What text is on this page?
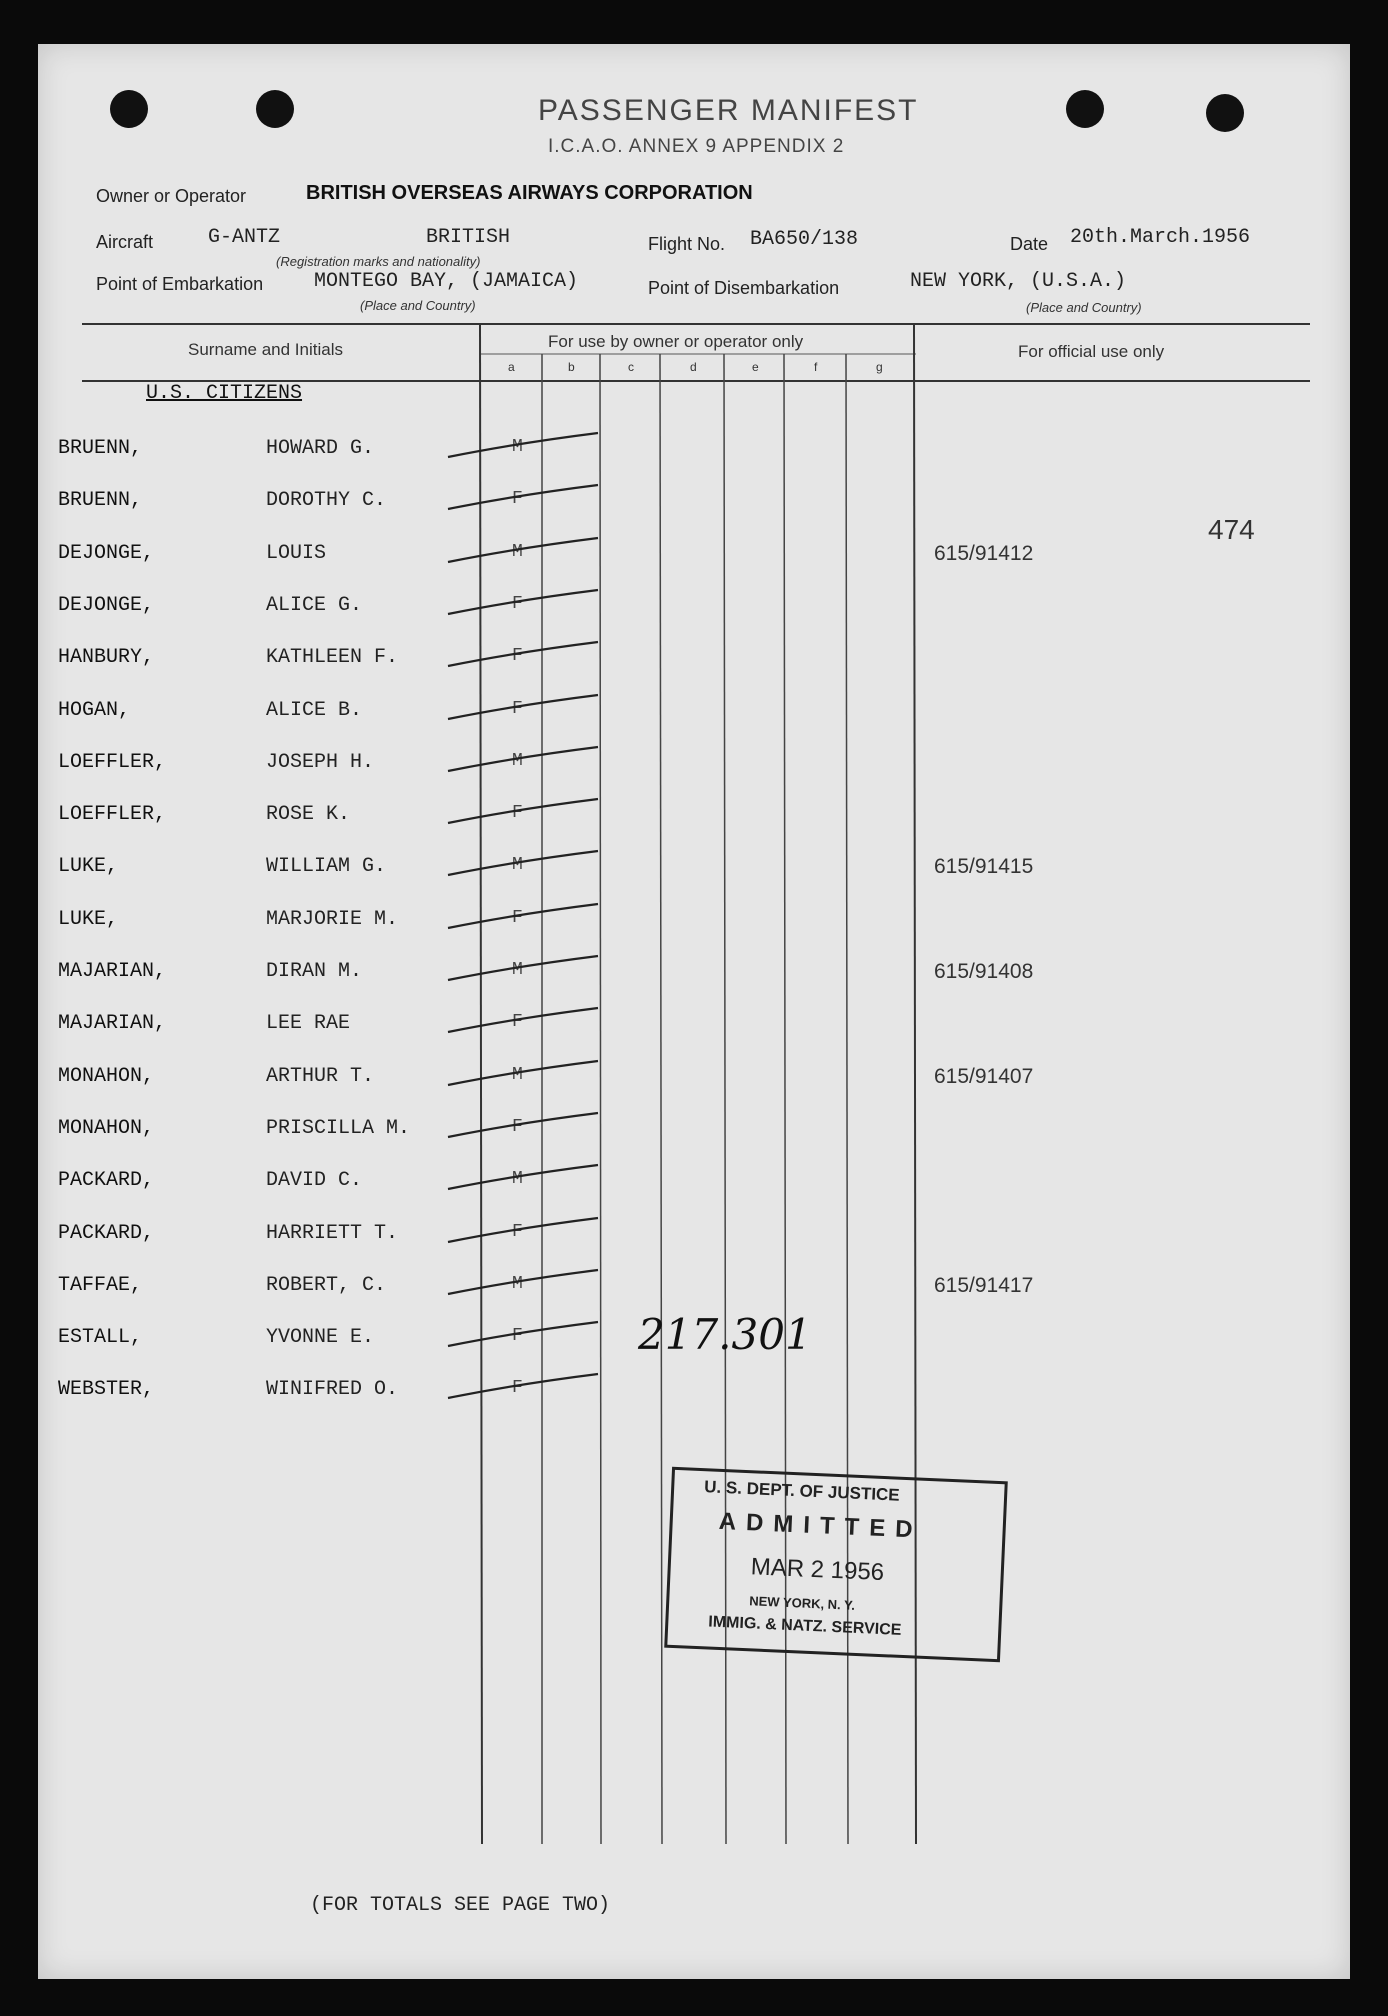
PASSENGER MANIFEST
I.C.A.O. ANNEX 9 APPENDIX 2
Owner or Operator	BRITISH OVERSEAS AIRWAYS CORPORATION
Aircraft	G-ANTZ	BRITISH
(Registration marks and nationality)
Flight No. BA650/138	Date 20th.March.1956
Point of Embarkation	MONTEGO BAY, (JAMAICA)
(Place and Country)
Point of Disembarkation	NEW YORK, (U.S.A.)
(Place and Country)
Surname and Initials	For use by owner or operator only
For official use only
a	b	c	d	e	f	g
U.S. CITIZENS
474
BRUENN,	HOWARD G.	M
BRUENN,	DOROTHY C.	F
DEJONGE,	LOUIS	M	615/91412
DEJONGE,	ALICE G.	F
HANBURY,	KATHLEEN F.	F
HOGAN,	ALICE B.	F
LOEFFLER,	JOSEPH H.	M
LOEFFLER,	ROSE K.	F
LUKE,	WILLIAM G.	M	615/91415
LUKE,	MARJORIE M.	F
MAJARIAN,	DIRAN M.	M	615/91408
MAJARIAN,	LEE RAE	F
MONAHON,	ARTHUR T.	M	615/91407
MONAHON,	PRISCILLA M.	F
PACKARD,	DAVID C.	M
PACKARD,	HARRIETT T.	F
TAFFAE,	ROBERT, C.	M	615/91417
ESTALL,	YVONNE E.	F
WEBSTER,	WINIFRED O.	F
217.301
U. S. DEPT. OF JUSTICE
ADMITTED
MAR 2 1956
NEW YORK, N. Y.
IMMIG. & NATZ. SERVICE
(FOR TOTALS SEE PAGE TWO)
